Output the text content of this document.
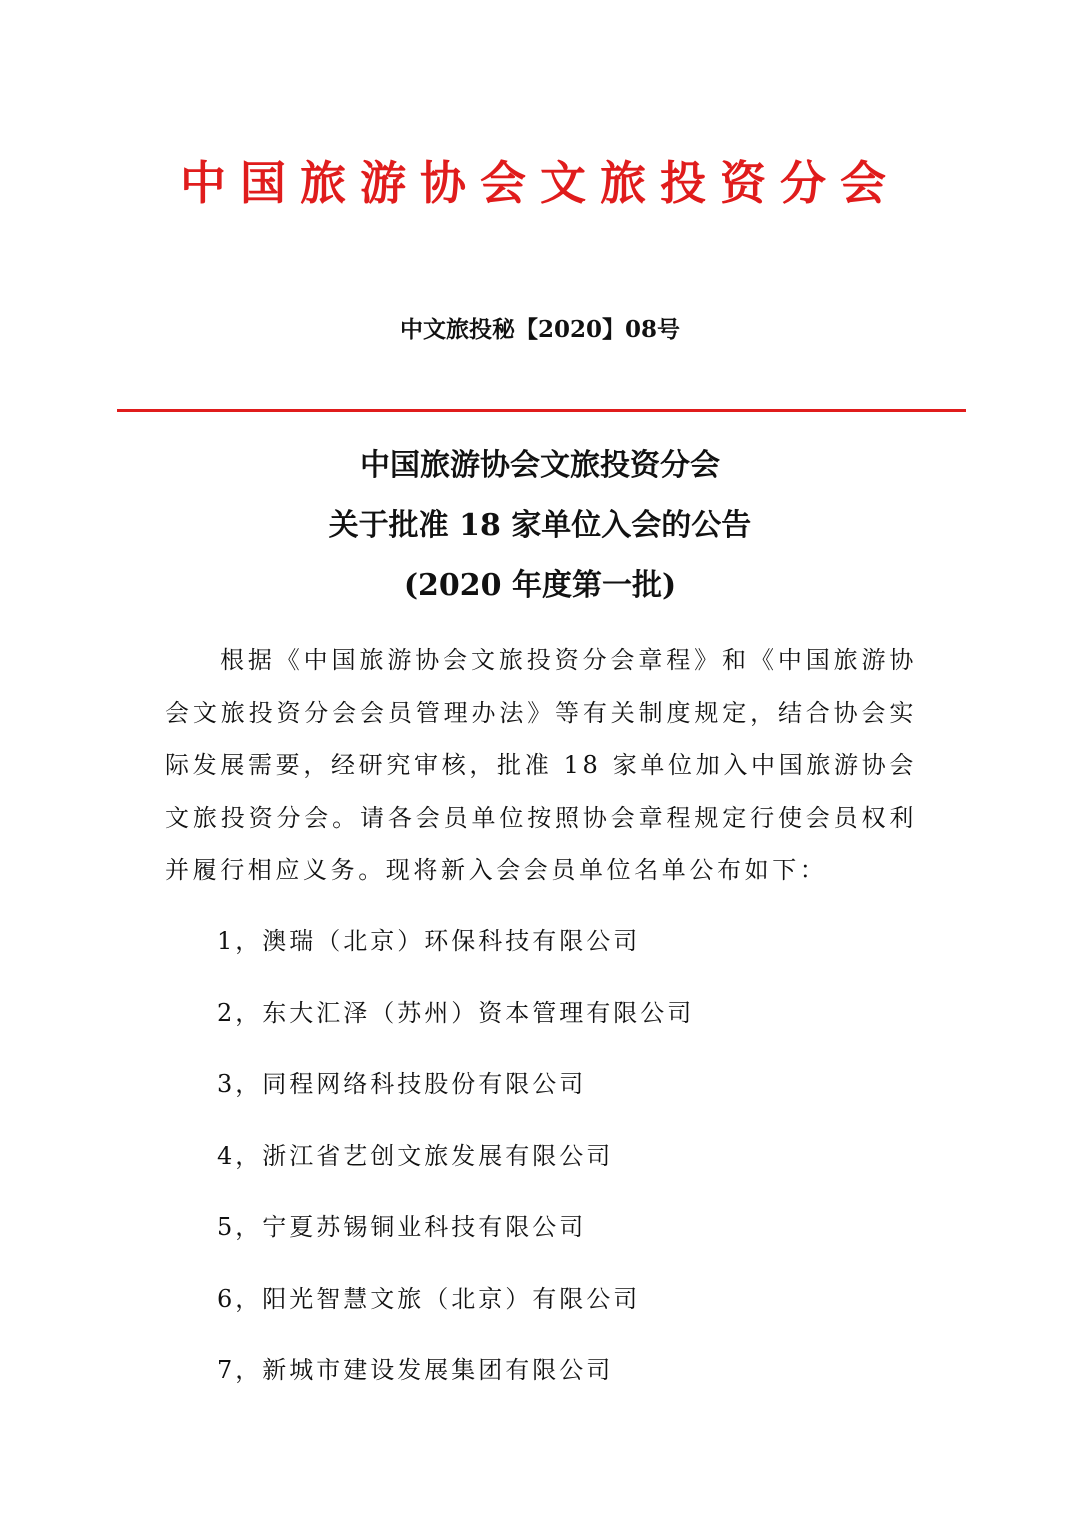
中国旅游协会文旅投资分会
中文旅投秘【2020】08号
中国旅游协会文旅投资分会
关于批准 18 家单位入会的公告
(2020 年度第一批)

根据《中国旅游协会文旅投资分会章程》和《中国旅游协会文旅投资分会会员管理办法》等有关制度规定，结合协会实际发展需要，经研究审核，批准 18 家单位加入中国旅游协会文旅投资分会。请各会员单位按照协会章程规定行使会员权利并履行相应义务。现将新入会会员单位名单公布如下：

1，澳瑞（北京）环保科技有限公司
2，东大汇泽（苏州）资本管理有限公司
3，同程网络科技股份有限公司
4，浙江省艺创文旅发展有限公司
5，宁夏苏锡铜业科技有限公司
6，阳光智慧文旅（北京）有限公司
7，新城市建设发展集团有限公司
